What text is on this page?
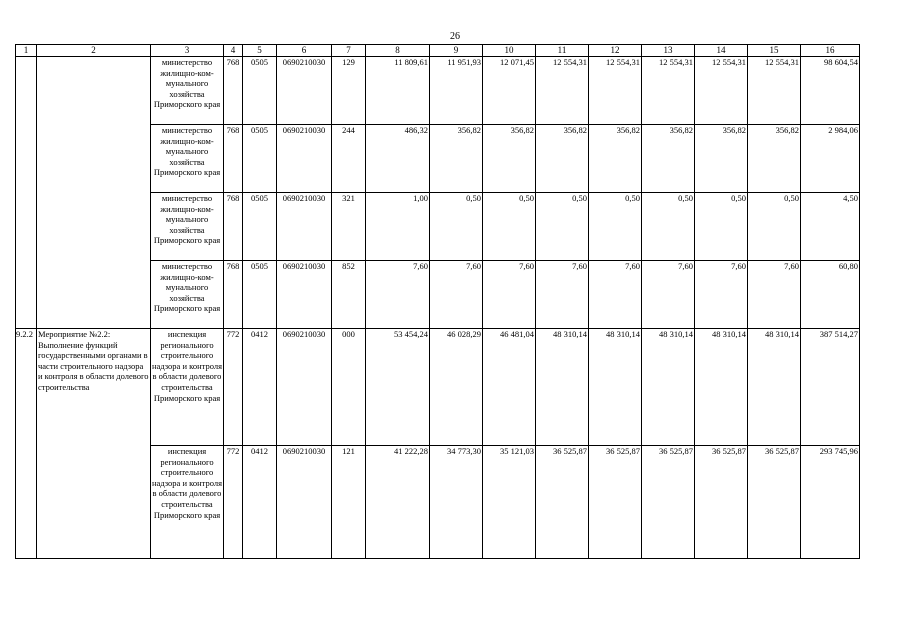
26
1	2	3	4	5	6	7	8	9	10	11	12	13	14	15	16
		министерство жилищно-ком-мунального хозяйства Приморского края	768	0505	0690210030	129	11 809,61	11 951,93	12 071,45	12 554,31	12 554,31	12 554,31	12 554,31	12 554,31	98 604,54
		министерство жилищно-ком-мунального хозяйства Приморского края	768	0505	0690210030	244	486,32	356,82	356,82	356,82	356,82	356,82	356,82	356,82	2 984,06
		министерство жилищно-ком-мунального хозяйства Приморского края	768	0505	0690210030	321	1,00	0,50	0,50	0,50	0,50	0,50	0,50	0,50	4,50
		министерство жилищно-ком-мунального хозяйства Приморского края	768	0505	0690210030	852	7,60	7,60	7,60	7,60	7,60	7,60	7,60	7,60	60,80
9.2.2	Мероприятие №2.2: Выполнение функций государственными органами в части строительного надзора и контроля в области долевого строительства	инспекция регионального строительного надзора и контроля в области долевого строительства Приморского края	772	0412	0690210030	000	53 454,24	46 028,29	46 481,04	48 310,14	48 310,14	48 310,14	48 310,14	48 310,14	387 514,27
		инспекция регионального строительного надзора и контроля в области долевого строительства Приморского края	772	0412	0690210030	121	41 222,28	34 773,30	35 121,03	36 525,87	36 525,87	36 525,87	36 525,87	36 525,87	293 745,96
